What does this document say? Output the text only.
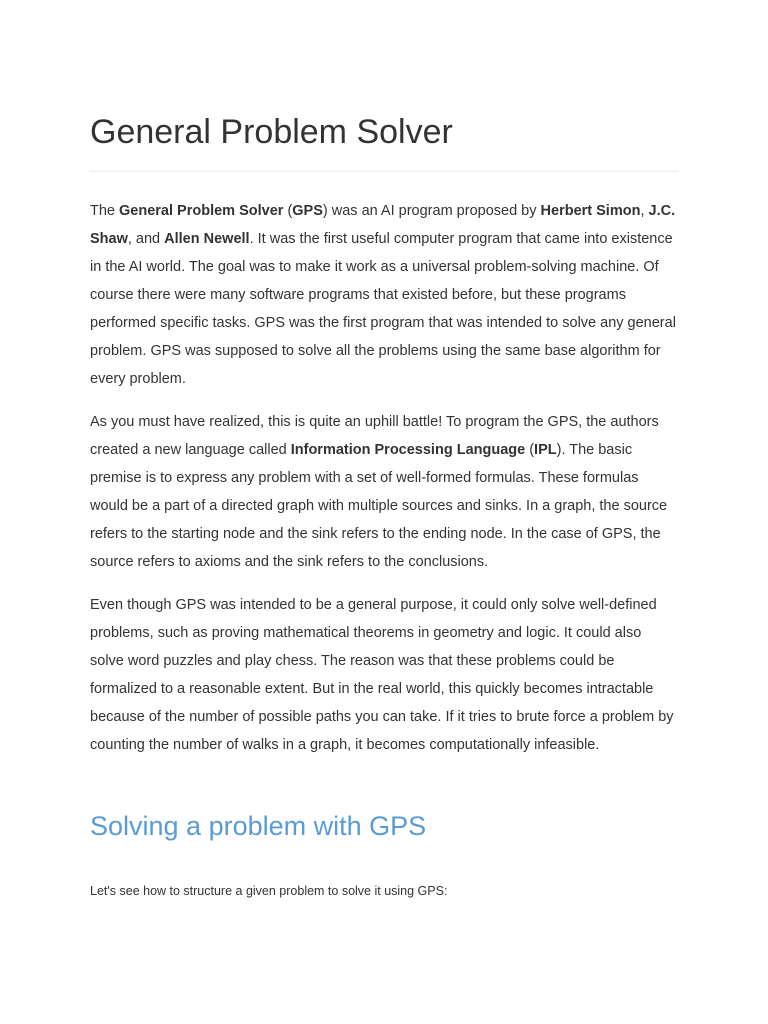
General Problem Solver

The General Problem Solver (GPS) was an AI program proposed by Herbert Simon, J.C. Shaw, and Allen Newell. It was the first useful computer program that came into existence in the AI world. The goal was to make it work as a universal problem-solving machine. Of course there were many software programs that existed before, but these programs performed specific tasks. GPS was the first program that was intended to solve any general problem. GPS was supposed to solve all the problems using the same base algorithm for every problem.

As you must have realized, this is quite an uphill battle! To program the GPS, the authors created a new language called Information Processing Language (IPL). The basic premise is to express any problem with a set of well-formed formulas. These formulas would be a part of a directed graph with multiple sources and sinks. In a graph, the source refers to the starting node and the sink refers to the ending node. In the case of GPS, the source refers to axioms and the sink refers to the conclusions.

Even though GPS was intended to be a general purpose, it could only solve well-defined problems, such as proving mathematical theorems in geometry and logic. It could also solve word puzzles and play chess. The reason was that these problems could be formalized to a reasonable extent. But in the real world, this quickly becomes intractable because of the number of possible paths you can take. If it tries to brute force a problem by counting the number of walks in a graph, it becomes computationally infeasible.

Solving a problem with GPS

Let's see how to structure a given problem to solve it using GPS:
